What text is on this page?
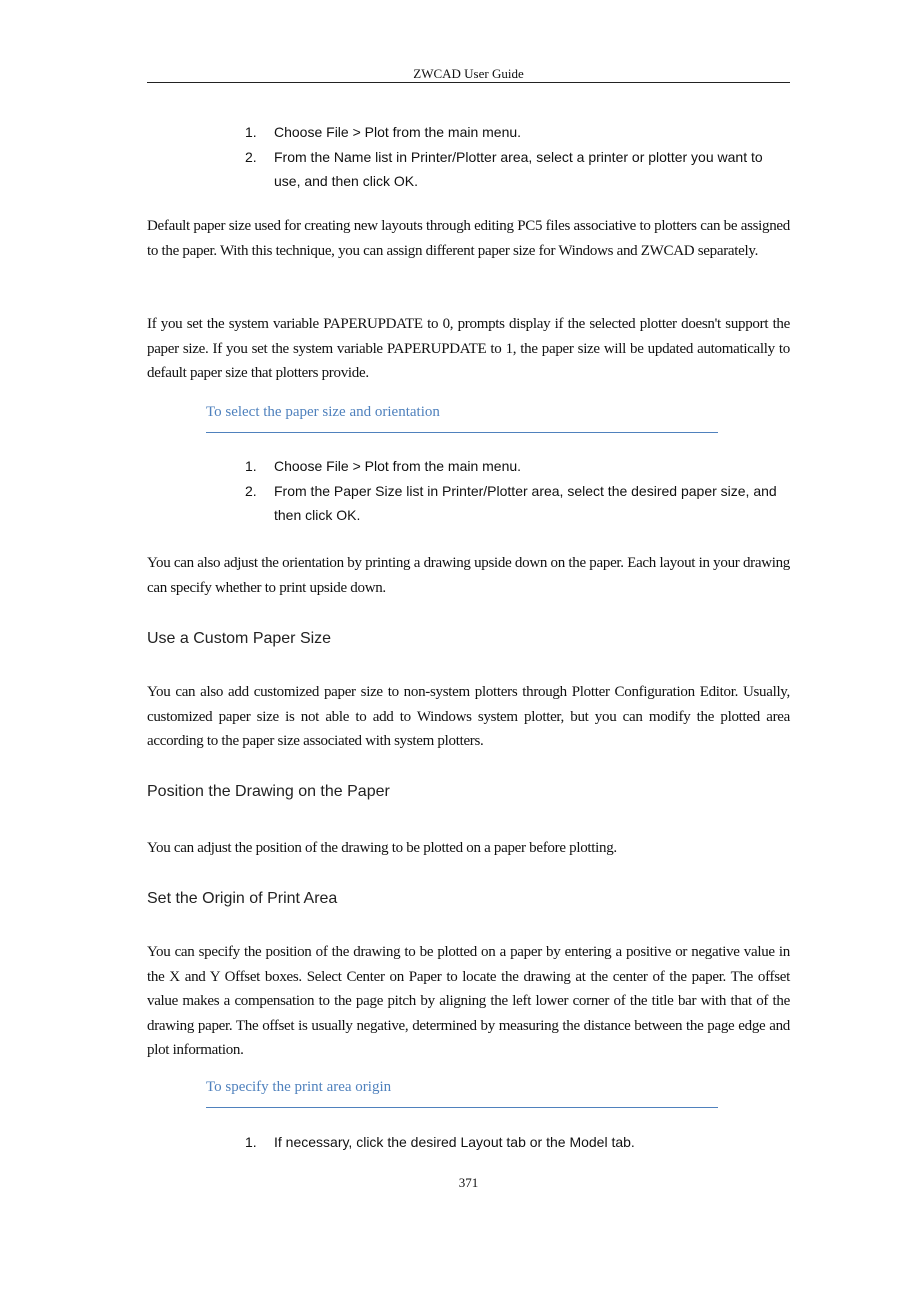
ZWCAD User Guide
1.	Choose File > Plot from the main menu.
2.	From the Name list in Printer/Plotter area, select a printer or plotter you want to use, and then click OK.
Default paper size used for creating new layouts through editing PC5 files associative to plotters can be assigned to the paper. With this technique, you can assign different paper size for Windows and ZWCAD separately.
If you set the system variable PAPERUPDATE to 0, prompts display if the selected plotter doesn't support the paper size. If you set the system variable PAPERUPDATE to 1, the paper size will be updated automatically to default paper size that plotters provide.
To select the paper size and orientation
1.	Choose File > Plot from the main menu.
2.	From the Paper Size list in Printer/Plotter area, select the desired paper size, and then click OK.
You can also adjust the orientation by printing a drawing upside down on the paper. Each layout in your drawing can specify whether to print upside down.
Use a Custom Paper Size
You can also add customized paper size to non-system plotters through Plotter Configuration Editor. Usually, customized paper size is not able to add to Windows system plotter, but you can modify the plotted area according to the paper size associated with system plotters.
Position the Drawing on the Paper
You can adjust the position of the drawing to be plotted on a paper before plotting.
Set the Origin of Print Area
You can specify the position of the drawing to be plotted on a paper by entering a positive or negative value in the X and Y Offset boxes. Select Center on Paper to locate the drawing at the center of the paper. The offset value makes a compensation to the page pitch by aligning the left lower corner of the title bar with that of the drawing paper. The offset is usually negative, determined by measuring the distance between the page edge and plot information.
To specify the print area origin
1.	If necessary, click the desired Layout tab or the Model tab.
371
